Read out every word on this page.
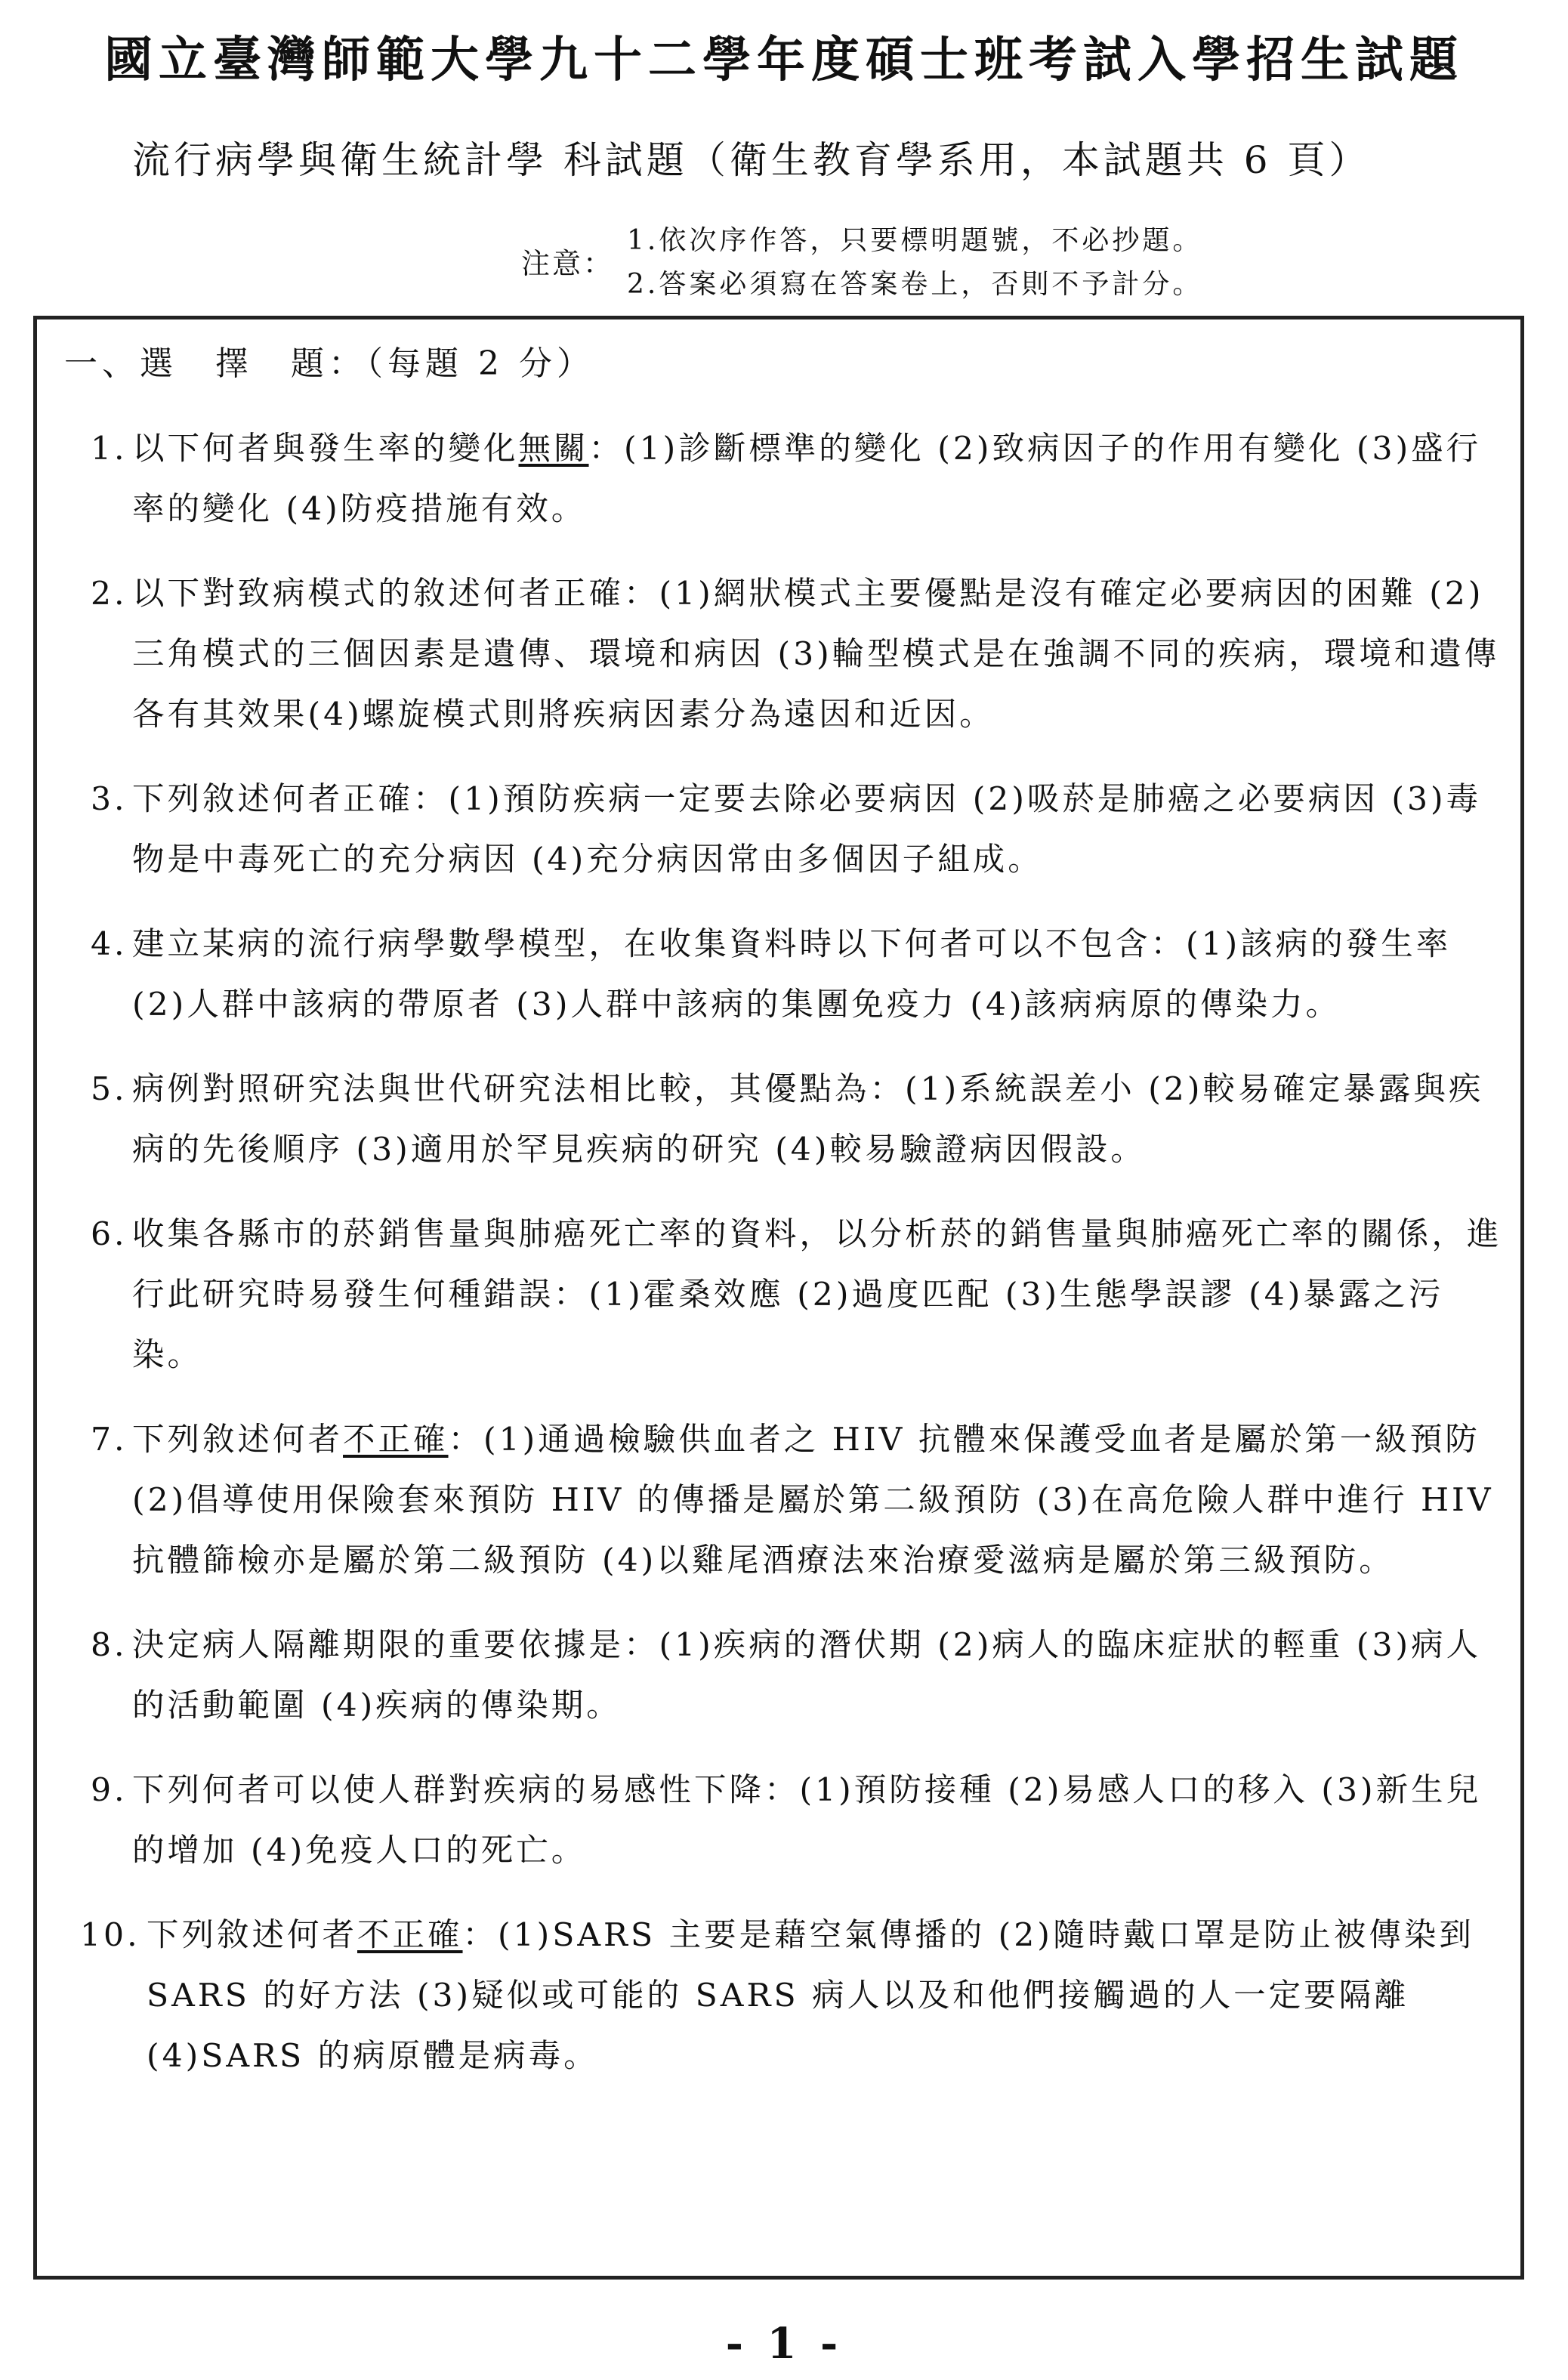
國立臺灣師範大學九十二學年度碩士班考試入學招生試題
流行病學與衛生統計學 科試題（衛生教育學系用，本試題共 6 頁）
注意：
1.依次序作答，只要標明題號，不必抄題。
2.答案必須寫在答案卷上，否則不予計分。
一、選　擇　題：（每題 2 分）
1. 以下何者與發生率的變化無關：(1)診斷標準的變化 (2)致病因子的作用有變化 (3)盛行率的變化 (4)防疫措施有效。
2. 以下對致病模式的敘述何者正確：(1)網狀模式主要優點是沒有確定必要病因的困難 (2)三角模式的三個因素是遺傳、環境和病因 (3)輪型模式是在強調不同的疾病，環境和遺傳各有其效果(4)螺旋模式則將疾病因素分為遠因和近因。
3. 下列敘述何者正確：(1)預防疾病一定要去除必要病因 (2)吸菸是肺癌之必要病因 (3)毒物是中毒死亡的充分病因 (4)充分病因常由多個因子組成。
4. 建立某病的流行病學數學模型，在收集資料時以下何者可以不包含：(1)該病的發生率 (2)人群中該病的帶原者 (3)人群中該病的集團免疫力 (4)該病病原的傳染力。
5. 病例對照研究法與世代研究法相比較，其優點為：(1)系統誤差小 (2)較易確定暴露與疾病的先後順序 (3)適用於罕見疾病的研究 (4)較易驗證病因假設。
6. 收集各縣市的菸銷售量與肺癌死亡率的資料，以分析菸的銷售量與肺癌死亡率的關係，進行此研究時易發生何種錯誤：(1)霍桑效應 (2)過度匹配 (3)生態學誤謬 (4)暴露之污染。
7. 下列敘述何者不正確：(1)通過檢驗供血者之 HIV 抗體來保護受血者是屬於第一級預防 (2)倡導使用保險套來預防 HIV 的傳播是屬於第二級預防 (3)在高危險人群中進行 HIV 抗體篩檢亦是屬於第二級預防 (4)以雞尾酒療法來治療愛滋病是屬於第三級預防。
8. 決定病人隔離期限的重要依據是：(1)疾病的潛伏期 (2)病人的臨床症狀的輕重 (3)病人的活動範圍 (4)疾病的傳染期。
9. 下列何者可以使人群對疾病的易感性下降：(1)預防接種 (2)易感人口的移入 (3)新生兒的增加 (4)免疫人口的死亡。
10. 下列敘述何者不正確：(1)SARS 主要是藉空氣傳播的 (2)隨時戴口罩是防止被傳染到 SARS 的好方法 (3)疑似或可能的 SARS 病人以及和他們接觸過的人一定要隔離 (4)SARS 的病原體是病毒。
- 1 -
